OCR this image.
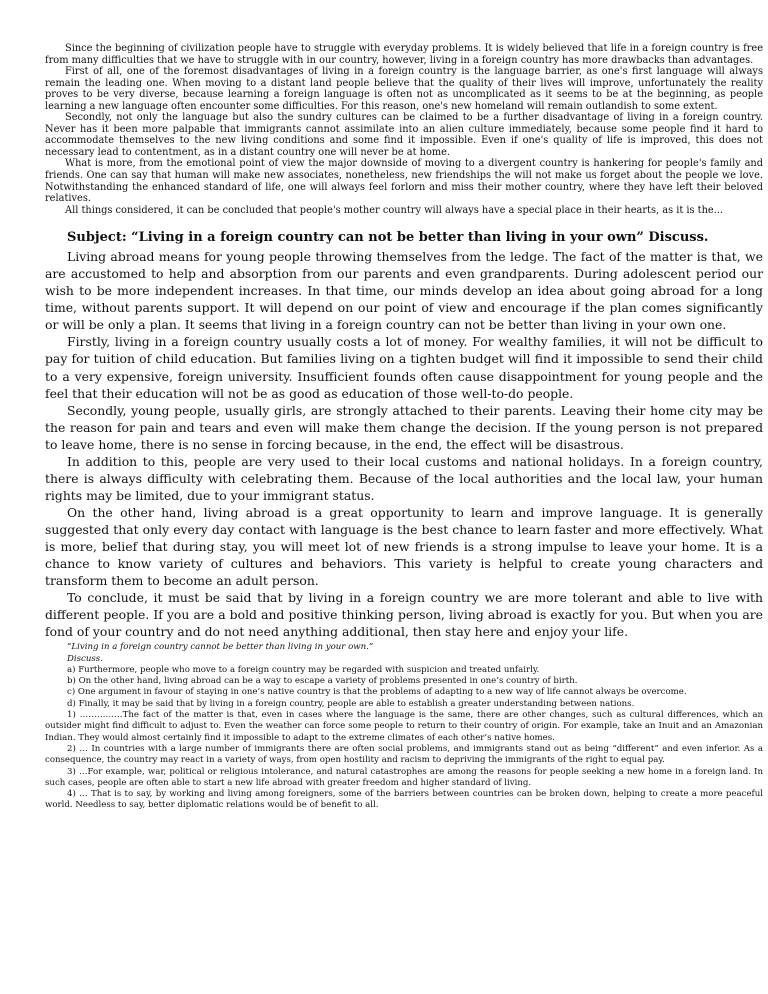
Since the beginning of civilization people have to struggle with everyday problems. It is widely believed that life in a foreign country is free from many difficulties that we have to struggle with in our country, however, living in a foreign country has more drawbacks than advantages.

First of all, one of the foremost disadvantages of living in a foreign country is the language barrier, as one's first language will always remain the leading one. When moving to a distant land people believe that the quality of their lives will improve, unfortunately the reality proves to be very diverse, because learning a foreign language is often not as uncomplicated as it seems to be at the beginning, as people learning a new language often encounter some difficulties. For this reason, one's new homeland will remain outlandish to some extent.

Secondly, not only the language but also the sundry cultures can be claimed to be a further disadvantage of living in a foreign country. Never has it been more palpable that immigrants cannot assimilate into an alien culture immediately, because some people find it hard to accommodate themselves to the new living conditions and some find it impossible. Even if one's quality of life is improved, this does not necessary lead to contentment, as in a distant country one will never be at home.

What is more, from the emotional point of view the major downside of moving to a divergent country is hankering for people's family and friends. One can say that human will make new associates, nonetheless, new friendships the will not make us forget about the people we love. Notwithstanding the enhanced standard of life, one will always feel forlorn and miss their mother country, where they have left their beloved relatives.

All things considered, it can be concluded that people's mother country will always have a special place in their hearts, as it is the...

Subject: “Living in a foreign country can not be better than living in your own” Discuss.

Living abroad means for young people throwing themselves from the ledge. The fact of the matter is that, we are accustomed to help and absorption from our parents and even grandparents. During adolescent period our wish to be more independent increases. In that time, our minds develop an idea about going abroad for a long time, without parents support. It will depend on our point of view and encourage if the plan comes significantly or will be only a plan. It seems that living in a foreign country can not be better than living in your own one.

Firstly, living in a foreign country usually costs a lot of money. For wealthy families, it will not be difficult to pay for tuition of child education. But families living on a tighten budget will find it impossible to send their child to a very expensive, foreign university. Insufficient founds often cause disappointment for young people and the feel that their education will not be as good as education of those well-to-do people.

Secondly, young people, usually girls, are strongly attached to their parents. Leaving their home city may be the reason for pain and tears and even will make them change the decision. If the young person is not prepared to leave home, there is no sense in forcing because, in the end, the effect will be disastrous.

In addition to this, people are very used to their local customs and national holidays. In a foreign country, there is always difficulty with celebrating them. Because of the local authorities and the local law, your human rights may be limited, due to your immigrant status.

On the other hand, living abroad is a great opportunity to learn and improve language. It is generally suggested that only every day contact with language is the best chance to learn faster and more effectively. What is more, belief that during stay, you will meet lot of new friends is a strong impulse to leave your home. It is a chance to know variety of cultures and behaviors. This variety is helpful to create young characters and transform them to become an adult person.

To conclude, it must be said that by living in a foreign country we are more tolerant and able to live with different people. If you are a bold and positive thinking person, living abroad is exactly for you. But when you are fond of your country and do not need anything additional, then stay here and enjoy your life.

“Living in a foreign country cannot be better than living in your own.”

Discuss.

a) Furthermore, people who move to a foreign country may be regarded with suspicion and treated unfairly.

b) On the other hand, living abroad can be a way to escape a variety of problems presented in one’s country of birth.

c) One argument in favour of staying in one’s native country is that the problems of adapting to a new way of life cannot always be overcome.

d) Finally, it may be said that by living in a foreign country, people are able to establish a greater understanding between nations.

1) ……………The fact of the matter is that, even in cases where the language is the same, there are other changes, such as cultural differences, which an outsider might find difficult to adjust to. Even the weather can force some people to return to their country of origin. For example, take an Inuit and an Amazonian Indian. They would almost certainly find it impossible to adapt to the extreme climates of each other’s native homes.

2) … In countries with a large number of immigrants there are often social problems, and immigrants stand out as being “different” and even inferior. As a consequence, the country may react in a variety of ways, from open hostility and racism to depriving the immigrants of the right to equal pay.

3) …For example, war, political or religious intolerance, and natural catastrophes are among the reasons for people seeking a new home in a foreign land. In such cases, people are often able to start a new life abroad with greater freedom and higher standard of living.

4) … That is to say, by working and living among foreigners, some of the barriers between countries can be broken down, helping to create a more peaceful world. Needless to say, better diplomatic relations would be of benefit to all.
